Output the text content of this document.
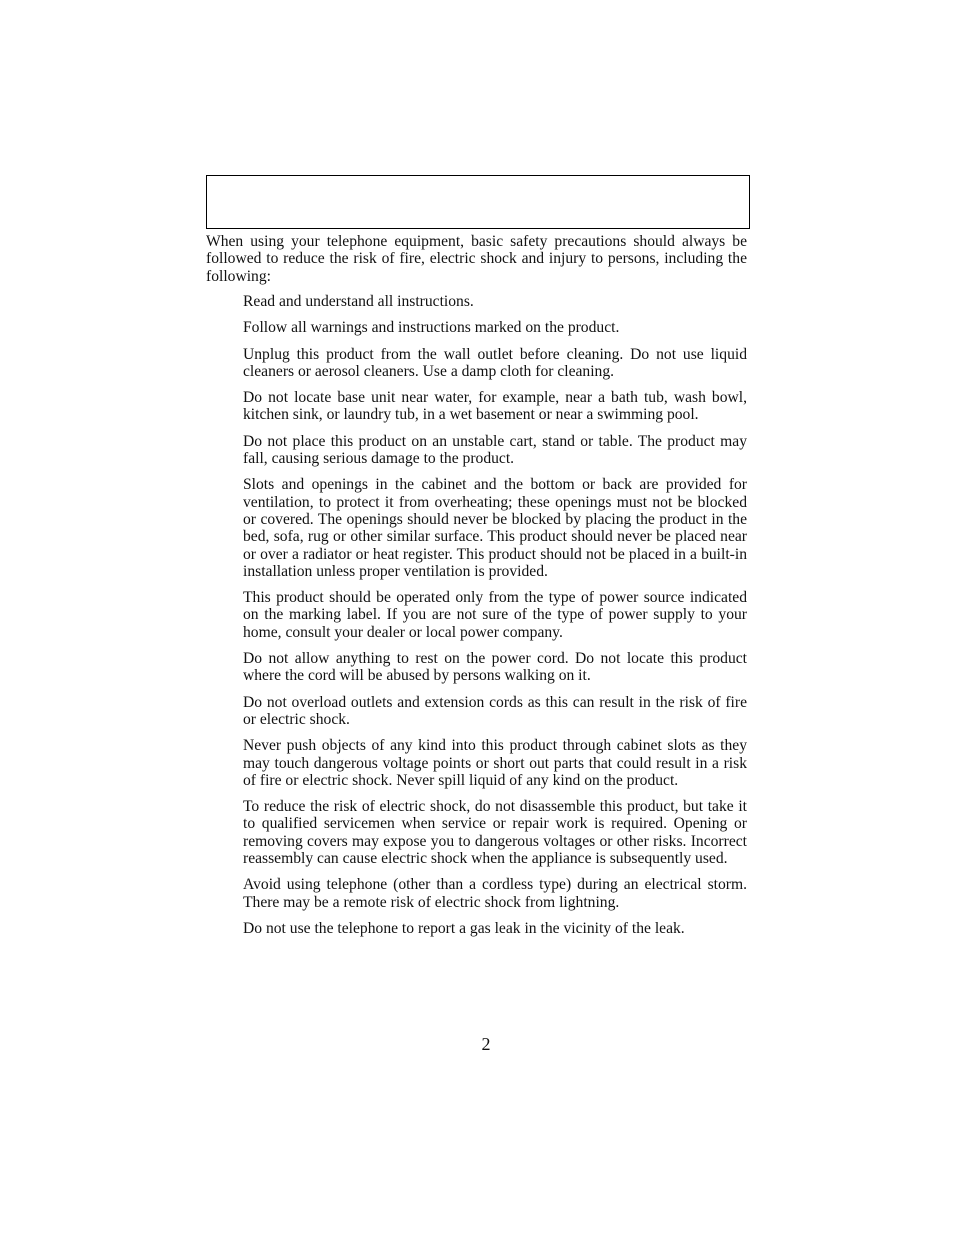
When using your telephone equipment, basic safety precautions should always be followed to reduce the risk of fire, electric shock and injury to persons, including the following:

Read and understand all instructions.
Follow all warnings and instructions marked on the product.
Unplug this product from the wall outlet before cleaning. Do not use liquid cleaners or aerosol cleaners. Use a damp cloth for cleaning.
Do not locate base unit near water, for example, near a bath tub, wash bowl, kitchen sink, or laundry tub, in a wet basement or near a swimming pool.
Do not place this product on an unstable cart, stand or table. The product may fall, causing serious damage to the product.
Slots and openings in the cabinet and the bottom or back are provided for ventilation, to protect it from overheating; these openings must not be blocked or covered. The openings should never be blocked by placing the product in the bed, sofa, rug or other similar surface. This product should never be placed near or over a radiator or heat register. This product should not be placed in a built-in installation unless proper ventilation is provided.
This product should be operated only from the type of power source indicated on the marking label. If you are not sure of the type of power supply to your home, consult your dealer or local power company.
Do not allow anything to rest on the power cord. Do not locate this product where the cord will be abused by persons walking on it.
Do not overload outlets and extension cords as this can result in the risk of fire or electric shock.
Never push objects of any kind into this product through cabinet slots as they may touch dangerous voltage points or short out parts that could result in a risk of fire or electric shock. Never spill liquid of any kind on the product.
To reduce the risk of electric shock, do not disassemble this product, but take it to qualified servicemen when service or repair work is required. Opening or removing covers may expose you to dangerous voltages or other risks. Incorrect reassembly can cause electric shock when the appliance is subsequently used.
Avoid using telephone (other than a cordless type) during an electrical storm. There may be a remote risk of electric shock from lightning.
Do not use the telephone to report a gas leak in the vicinity of the leak.
2
